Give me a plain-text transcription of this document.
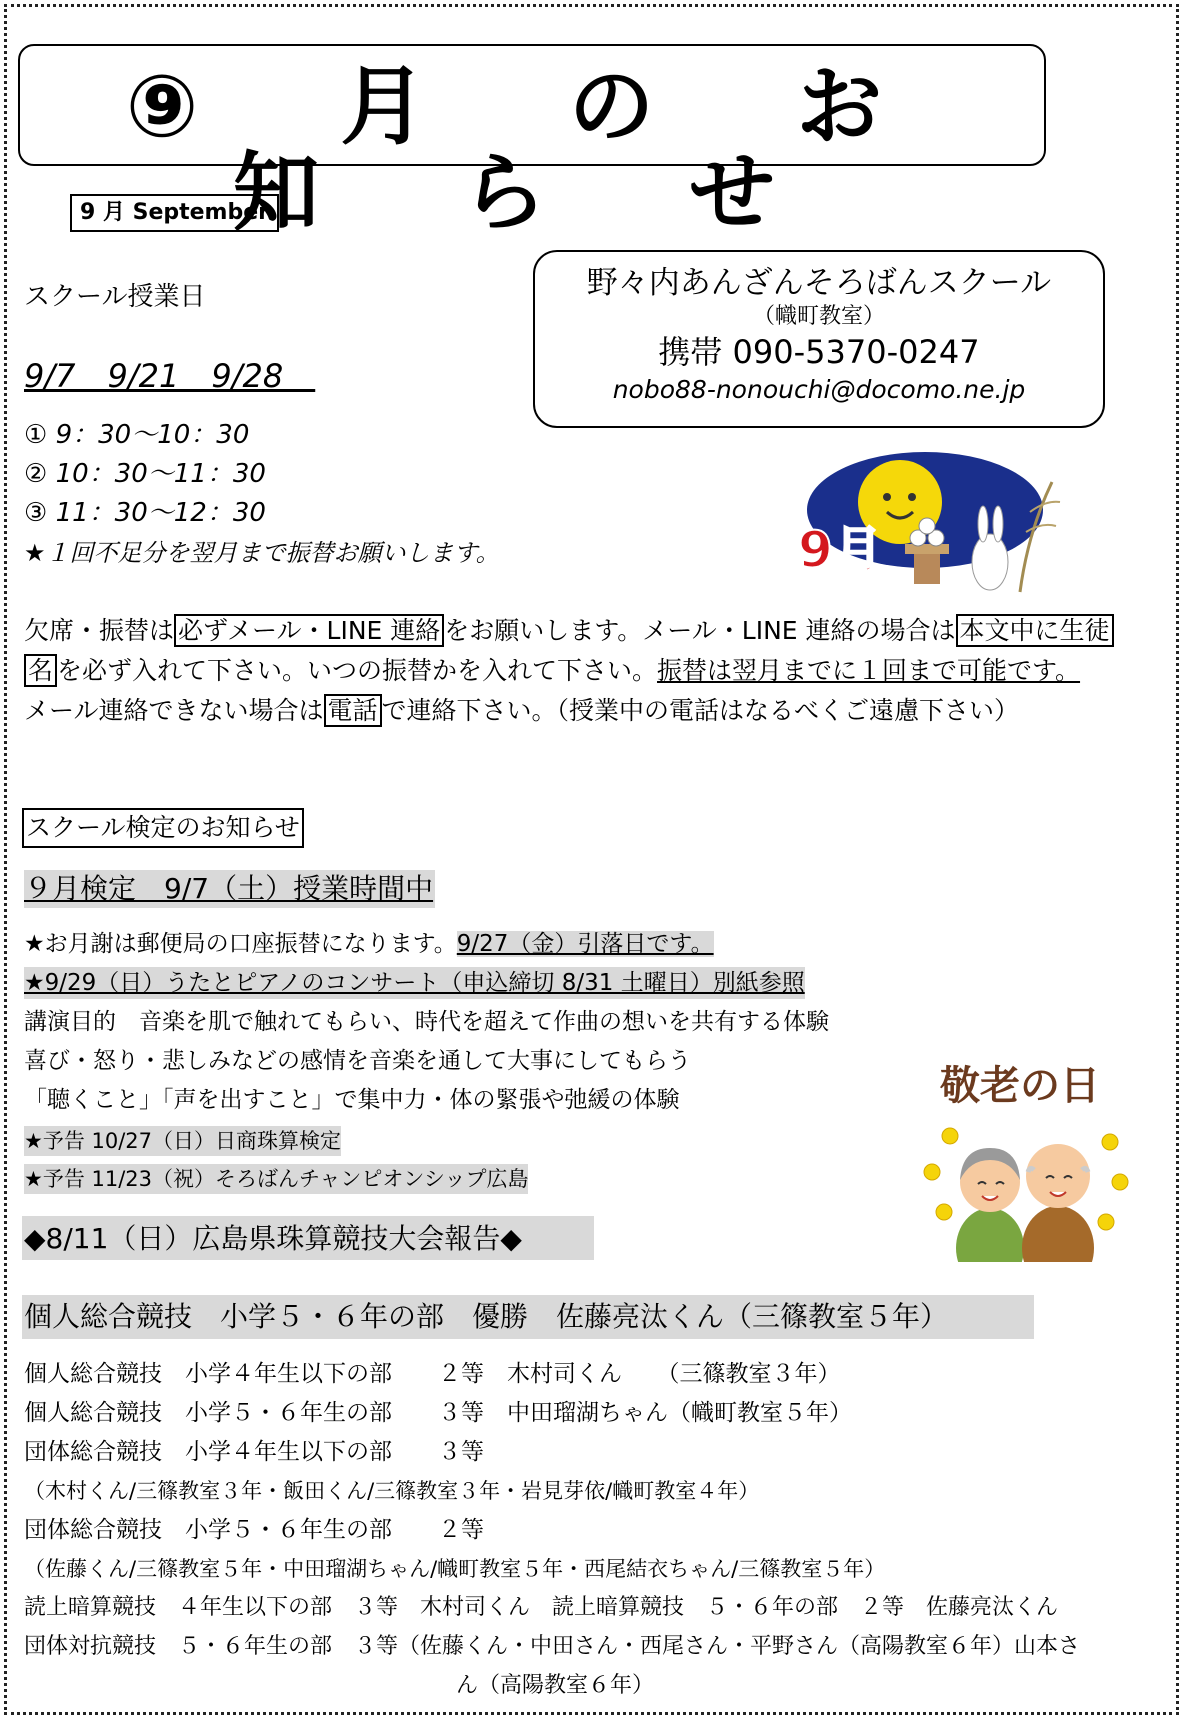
⑨ 月 の お 知 ら せ
9 月 September
野々内あんざんそろばんスクール
（幟町教室）
携帯 090-5370-0247
nobo88-nonouchi@docomo.ne.jp
スクール授業日
9/7　9/21　9/28　
① 9：30～10：30
② 10：30～11：30
③ 11：30～12：30
★１回不足分を翌月まで振替お願いします。	9月
欠席・振替は 必ずメール・LINE 連絡 をお願いします。メール・LINE 連絡の場合は 本文中に生徒
名 を必ず入れて下さい。いつの振替かを入れて下さい。振替は翌月までに１回まで可能です。
メール連絡できない場合は 電話 で連絡下さい。（授業中の電話はなるべくご遠慮下さい）
スクール検定のお知らせ
９月検定　9/7（土）授業時間中
★お月謝は郵便局の口座振替になります。9/27（金）引落日です。
★9/29（日）うたとピアノのコンサート（申込締切 8/31 土曜日）別紙参照
講演目的　音楽を肌で触れてもらい、時代を超えて作曲の想いを共有する体験
喜び・怒り・悲しみなどの感情を音楽を通して大事にしてもらう
「聴くこと」「声を出すこと」で集中力・体の緊張や弛緩の体験
★予告 10/27（日）日商珠算検定
★予告 11/23（祝）そろばんチャンピオンシップ広島
敬老の日
◆8/11（日）広島県珠算競技大会報告◆
個人総合競技　小学５・６年の部　優勝　佐藤亮汰くん（三篠教室５年）
個人総合競技　小学４年生以下の部　　２等　木村司くん　　（三篠教室３年）
個人総合競技　小学５・６年生の部　　３等　中田瑠湖ちゃん（幟町教室５年）
団体総合競技　小学４年生以下の部　　３等
（木村くん/三篠教室３年・飯田くん/三篠教室３年・岩見芽依/幟町教室４年）
団体総合競技　小学５・６年生の部　　２等
（佐藤くん/三篠教室５年・中田瑠湖ちゃん/幟町教室５年・西尾結衣ちゃん/三篠教室５年）
読上暗算競技　４年生以下の部　３等　木村司くん　読上暗算競技　５・６年の部　２等　佐藤亮汰くん
団体対抗競技　５・６年生の部　３等（佐藤くん・中田さん・西尾さん・平野さん（高陽教室６年）山本さ
ん（高陽教室６年）
